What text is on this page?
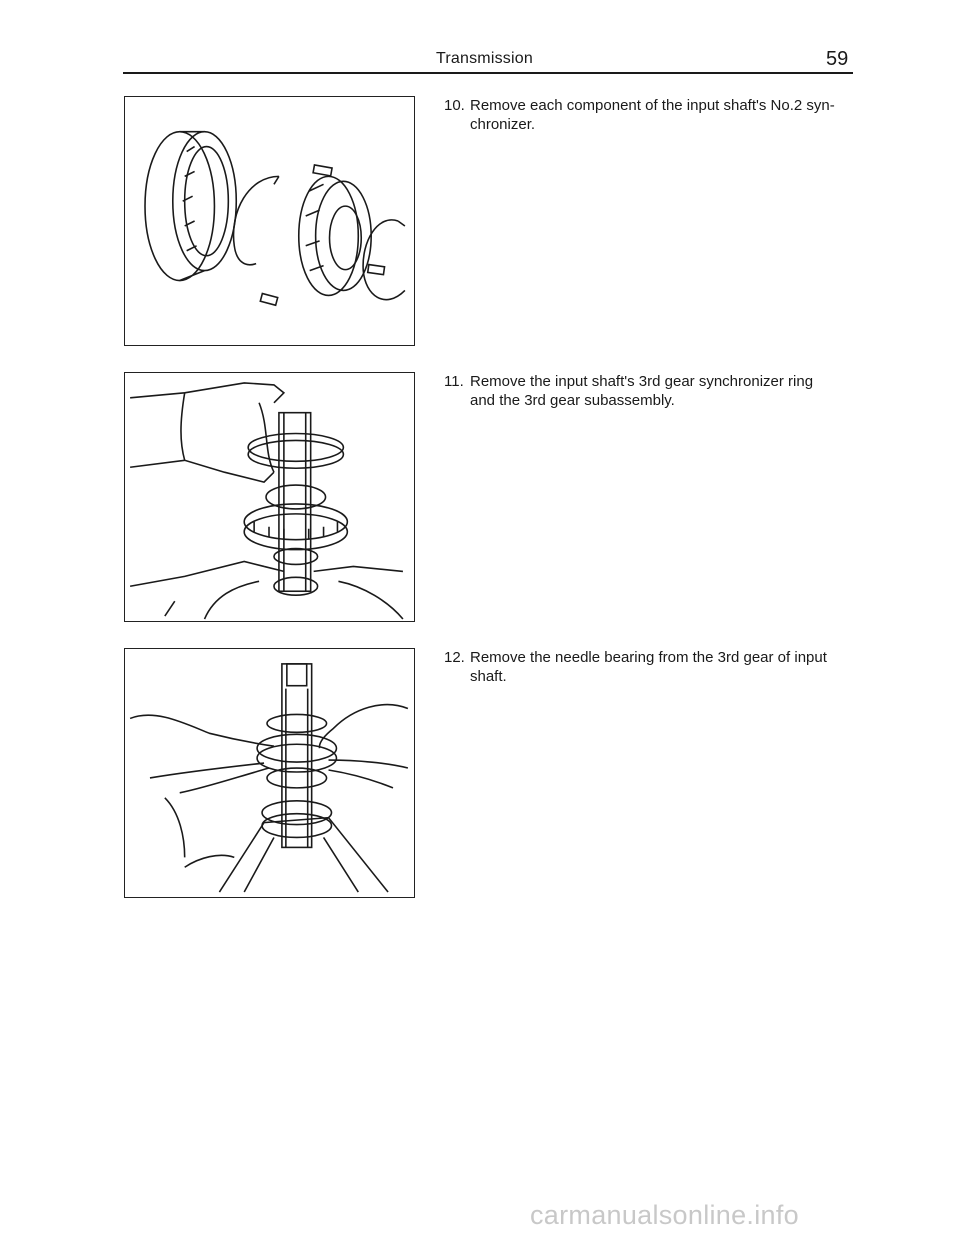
Transmission	59
10. Remove each component of the input shaft's No.2 syn-
chronizer.
11. Remove the input shaft's 3rd gear synchronizer ring
and the 3rd gear subassembly.
12. Remove the needle bearing from the 3rd gear of input
shaft.
carmanualsonline.info
